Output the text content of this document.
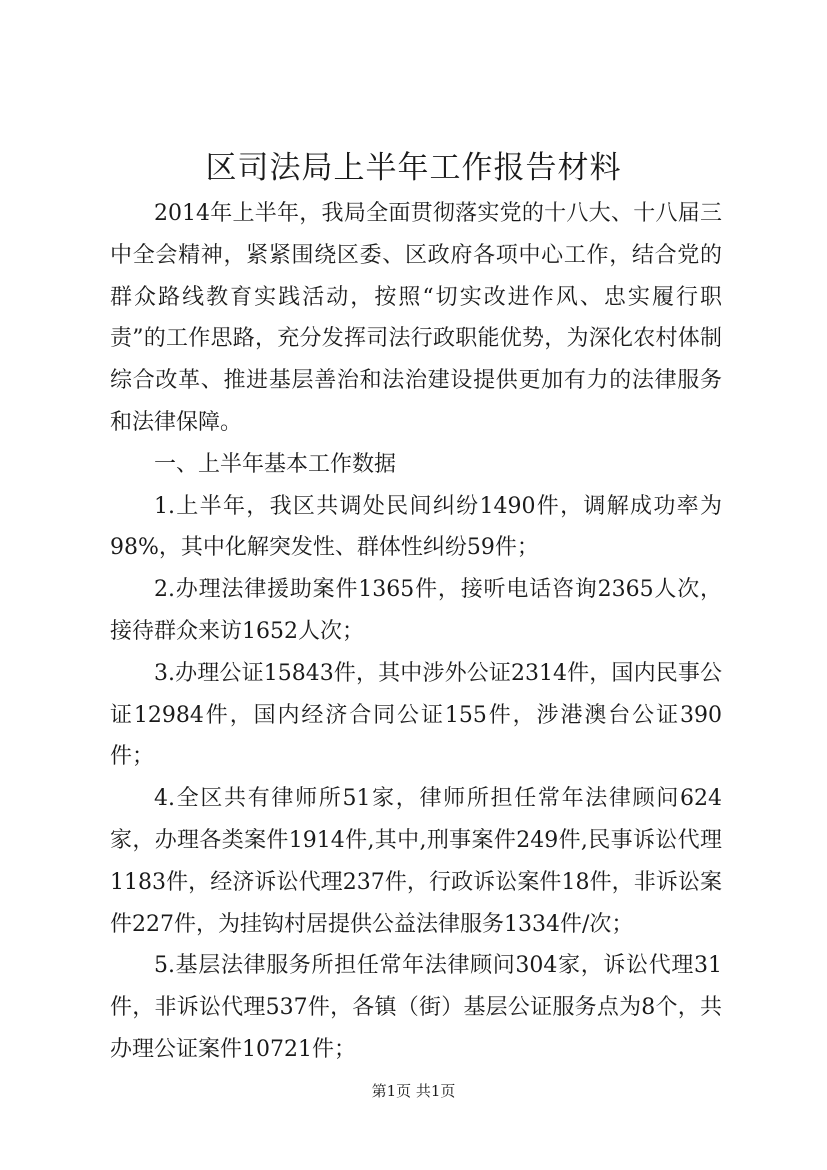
区司法局上半年工作报告材料

2014年上半年，我局全面贯彻落实党的十八大、十八届三中全会精神，紧紧围绕区委、区政府各项中心工作，结合党的群众路线教育实践活动，按照“切实改进作风、忠实履行职责”的工作思路，充分发挥司法行政职能优势，为深化农村体制综合改革、推进基层善治和法治建设提供更加有力的法律服务和法律保障。

一、上半年基本工作数据

1.上半年，我区共调处民间纠纷1490件，调解成功率为98%，其中化解突发性、群体性纠纷59件；

2.办理法律援助案件1365件，接听电话咨询2365人次，接待群众来访1652人次；

3.办理公证15843件，其中涉外公证2314件，国内民事公证12984件，国内经济合同公证155件，涉港澳台公证390件；

4.全区共有律师所51家，律师所担任常年法律顾问624家，办理各类案件1914件,其中,刑事案件249件,民事诉讼代理1183件，经济诉讼代理237件，行政诉讼案件18件，非诉讼案件227件，为挂钩村居提供公益法律服务1334件/次；

5.基层法律服务所担任常年法律顾问304家，诉讼代理31件，非诉讼代理537件，各镇（街）基层公证服务点为8个，共办理公证案件10721件；

第1页 共1页
